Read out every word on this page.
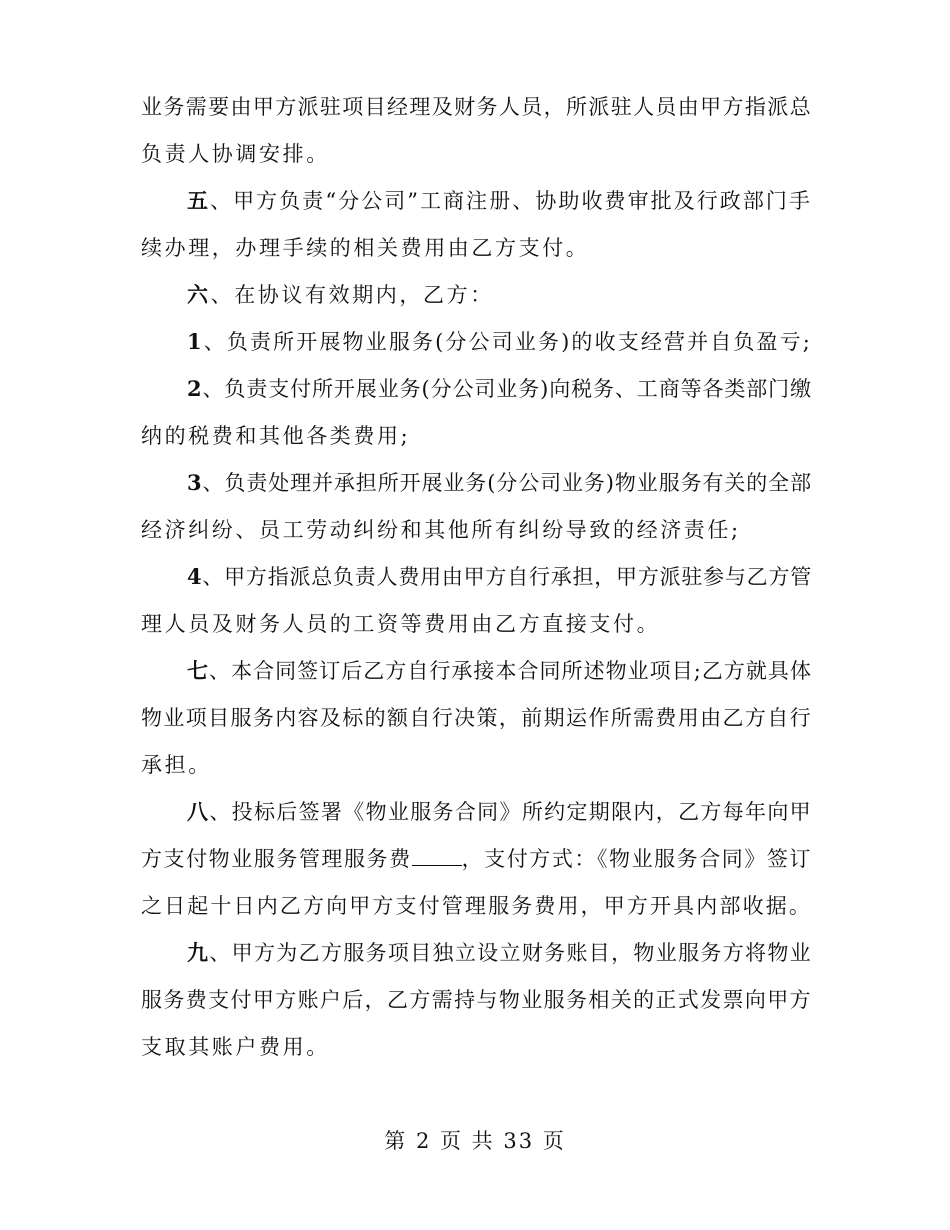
业务需要由甲方派驻项目经理及财务人员，所派驻人员由甲方指派总
负责人协调安排。
五、甲方负责“分公司”工商注册、协助收费审批及行政部门手
续办理，办理手续的相关费用由乙方支付。
六、在协议有效期内，乙方：
1、负责所开展物业服务(分公司业务)的收支经营并自负盈亏;
2、负责支付所开展业务(分公司业务)向税务、工商等各类部门缴
纳的税费和其他各类费用;
3、负责处理并承担所开展业务(分公司业务)物业服务有关的全部
经济纠纷、员工劳动纠纷和其他所有纠纷导致的经济责任;
4、甲方指派总负责人费用由甲方自行承担，甲方派驻参与乙方管
理人员及财务人员的工资等费用由乙方直接支付。
七、本合同签订后乙方自行承接本合同所述物业项目;乙方就具体
物业项目服务内容及标的额自行决策，前期运作所需费用由乙方自行
承担。
八、投标后签署《物业服务合同》所约定期限内，乙方每年向甲
方支付物业服务管理服务费 ，支付方式：《物业服务合同》签订
之日起十日内乙方向甲方支付管理服务费用，甲方开具内部收据。
九、甲方为乙方服务项目独立设立财务账目，物业服务方将物业
服务费支付甲方账户后，乙方需持与物业服务相关的正式发票向甲方
支取其账户费用。
第 2 页 共 33 页
